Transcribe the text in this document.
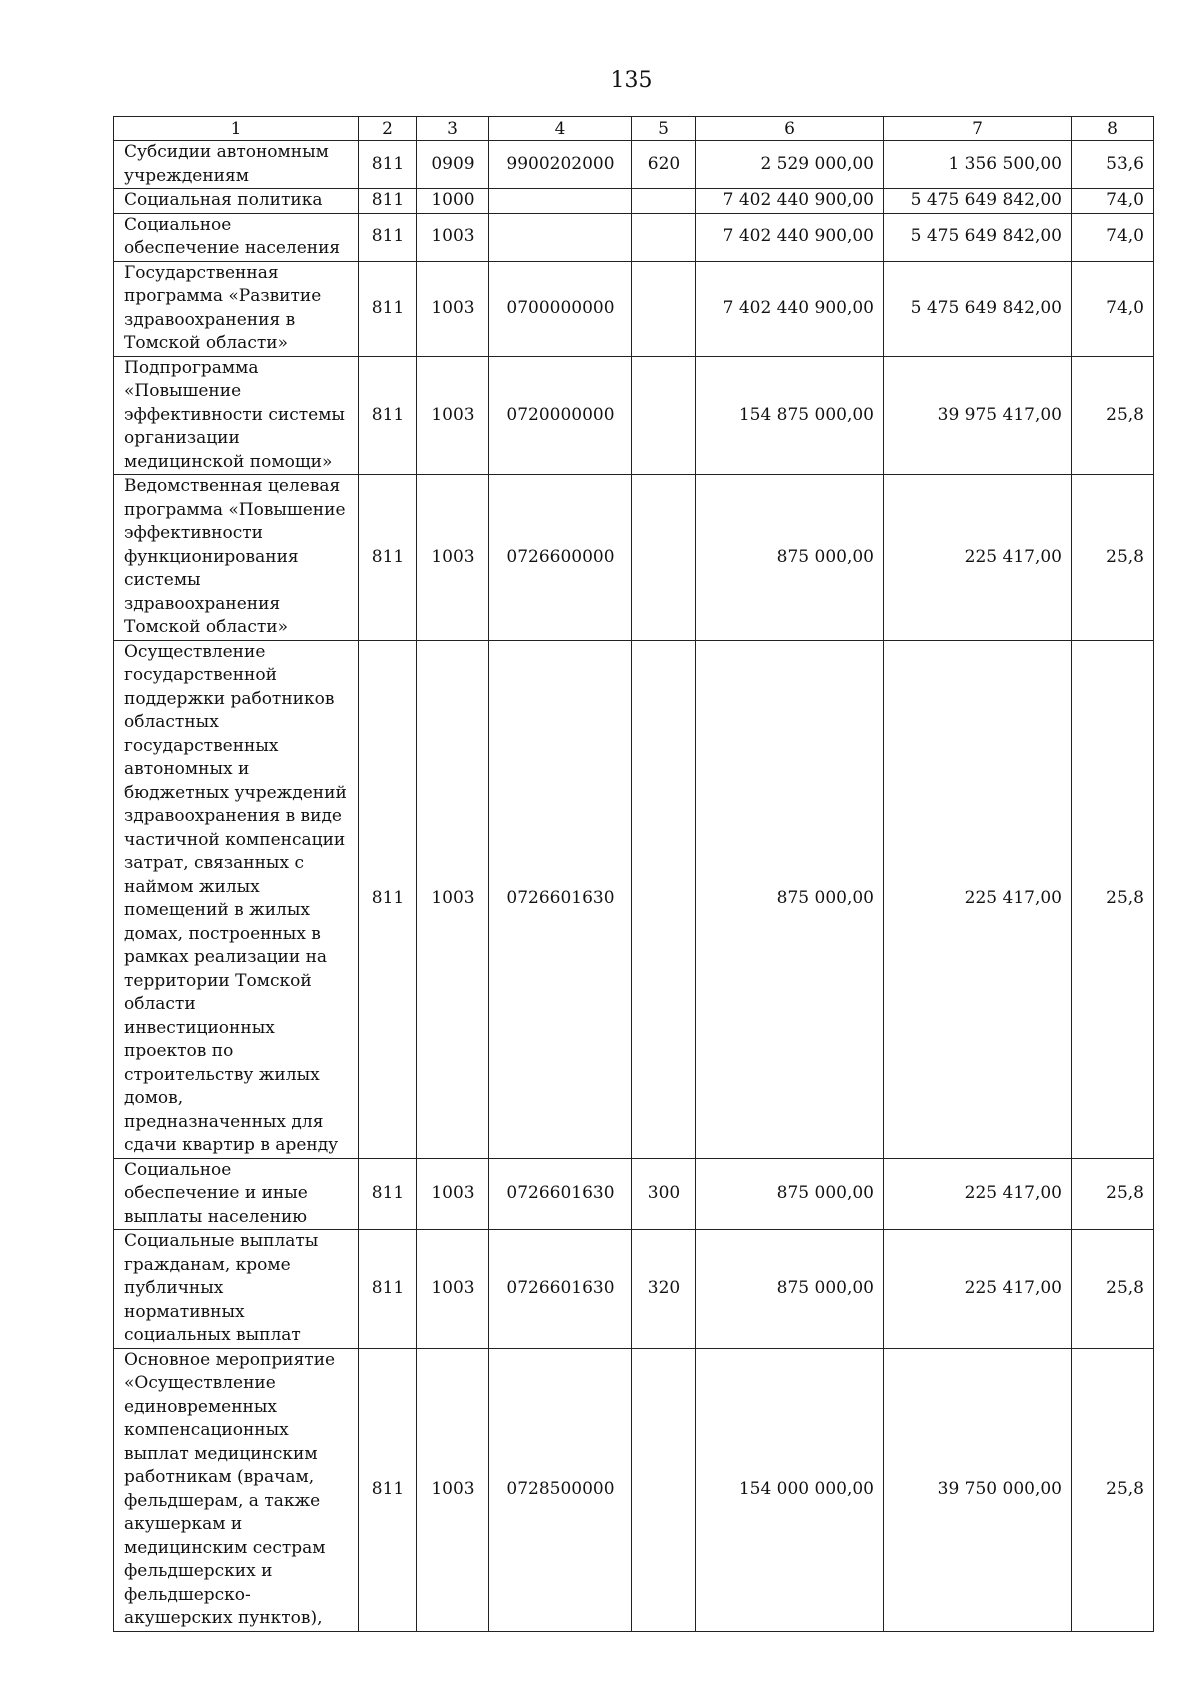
135
1	2	3	4	5	6	7	8
Субсидии автономным учреждениям	811	0909	9900202000	620	2 529 000,00	1 356 500,00	53,6
Социальная политика	811	1000			7 402 440 900,00	5 475 649 842,00	74,0
Социальное обеспечение населения	811	1003			7 402 440 900,00	5 475 649 842,00	74,0
Государственная программа «Развитие здравоохранения в Томской области»	811	1003	0700000000		7 402 440 900,00	5 475 649 842,00	74,0
Подпрограмма «Повышение эффективности системы организации медицинской помощи»	811	1003	0720000000		154 875 000,00	39 975 417,00	25,8
Ведомственная целевая программа «Повышение эффективности функционирования системы здравоохранения Томской области»	811	1003	0726600000		875 000,00	225 417,00	25,8
Осуществление государственной поддержки работников областных государственных автономных и бюджетных учреждений здравоохранения в виде частичной компенсации затрат, связанных с наймом жилых помещений в жилых домах, построенных в рамках реализации на территории Томской области инвестиционных проектов по строительству жилых домов, предназначенных для сдачи квартир в аренду	811	1003	0726601630		875 000,00	225 417,00	25,8
Социальное обеспечение и иные выплаты населению	811	1003	0726601630	300	875 000,00	225 417,00	25,8
Социальные выплаты гражданам, кроме публичных нормативных социальных выплат	811	1003	0726601630	320	875 000,00	225 417,00	25,8
Основное мероприятие «Осуществление единовременных компенсационных выплат медицинским работникам (врачам, фельдшерам, а также акушеркам и медицинским сестрам фельдшерских и фельдшерско-акушерских пунктов),	811	1003	0728500000		154 000 000,00	39 750 000,00	25,8
